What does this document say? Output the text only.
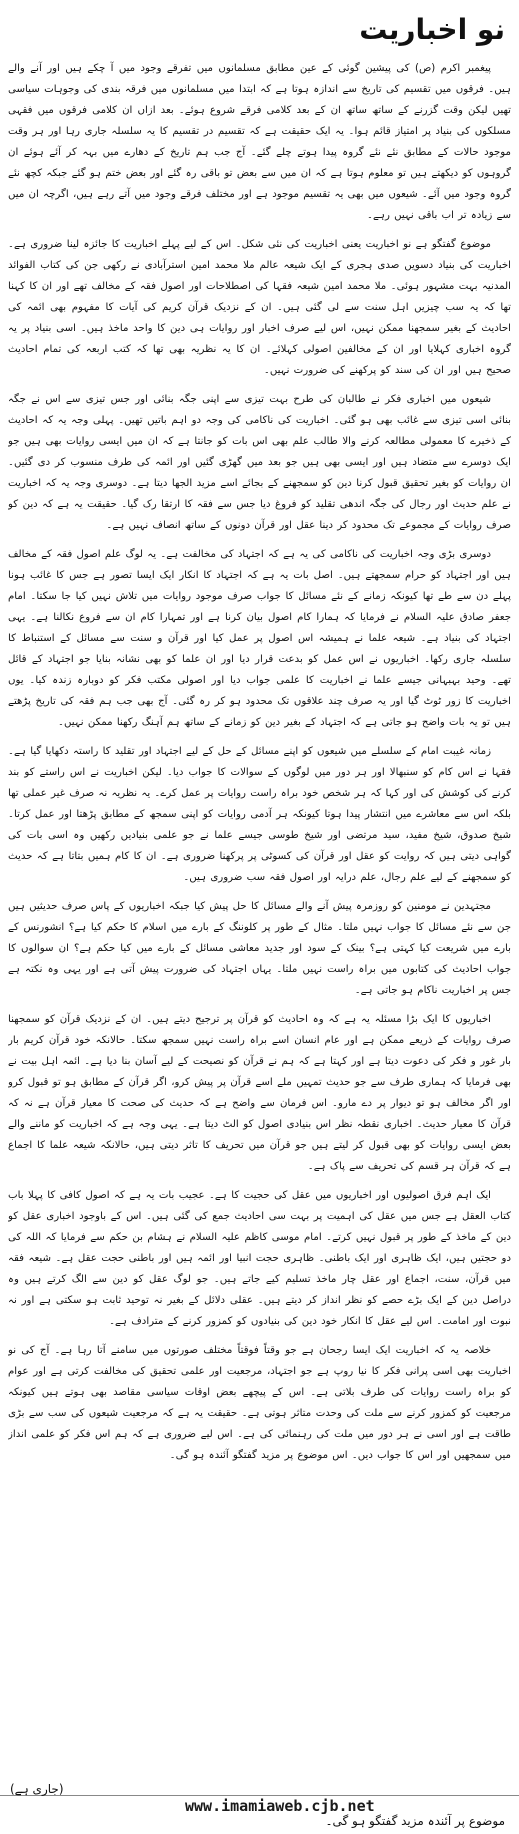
نو اخباریت

پیغمبر اکرم (ص) کی پیشین گوئی کے عین مطابق مسلمانوں میں تفرقے وجود میں آ چکے ہیں اور آنے والے ہیں۔ فرقوں میں تقسیم کی تاریخ سے اندازہ ہوتا ہے کہ ابتدا میں مسلمانوں میں فرقہ بندی کی وجوہات سیاسی تھیں لیکن وقت گزرنے کے ساتھ ساتھ ان کے بعد کلامی فرقے شروع ہوئے۔ بعد ازاں ان کلامی فرقوں میں فقہی مسلکوں کی بنیاد پر امتیاز قائم ہوا۔ یہ ایک حقیقت ہے کہ تقسیم در تقسیم کا یہ سلسلہ جاری رہا اور ہر وقت موجود حالات کے مطابق نئے نئے گروہ پیدا ہوتے چلے گئے۔ آج جب ہم تاریخ کے دھارے میں بہہ کر آئے ہوئے ان گروہوں کو دیکھتے ہیں تو معلوم ہوتا ہے کہ ان میں سے بعض تو باقی رہ گئے اور بعض ختم ہو گئے جبکہ کچھ نئے گروہ وجود میں آئے۔ شیعوں میں بھی یہ تقسیم موجود ہے اور مختلف فرقے وجود میں آتے رہے ہیں، اگرچہ ان میں سے زیادہ تر اب باقی نہیں رہے۔

موضوع گفتگو ہے نو اخباریت یعنی اخباریت کی نئی شکل۔ اس کے لیے پہلے اخباریت کا جائزہ لینا ضروری ہے۔ اخباریت کی بنیاد دسویں صدی ہجری کے ایک شیعہ عالم ملا محمد امین استرآبادی نے رکھی جن کی کتاب الفوائد المدنیہ بہت مشہور ہوئی۔ ملا محمد امین شیعہ فقہا کی اصطلاحات اور اصول فقہ کے مخالف تھے اور ان کا کہنا تھا کہ یہ سب چیزیں اہل سنت سے لی گئی ہیں۔ ان کے نزدیک قرآن کریم کی آیات کا مفہوم بھی ائمہ کی احادیث کے بغیر سمجھنا ممکن نہیں، اس لیے صرف اخبار اور روایات ہی دین کا واحد ماخذ ہیں۔ اسی بنیاد پر یہ گروہ اخباری کہلایا اور ان کے مخالفین اصولی کہلائے۔ ان کا یہ نظریہ بھی تھا کہ کتب اربعہ کی تمام احادیث صحیح ہیں اور ان کی سند کو پرکھنے کی ضرورت نہیں۔

شیعوں میں اخباری فکر نے طالبان کی طرح بہت تیزی سے اپنی جگہ بنائی اور جس تیزی سے اس نے جگہ بنائی اسی تیزی سے غائب بھی ہو گئی۔ اخباریت کی ناکامی کی وجہ دو اہم باتیں تھیں۔ پہلی وجہ یہ کہ احادیث کے ذخیرے کا معمولی مطالعہ کرنے والا طالب علم بھی اس بات کو جانتا ہے کہ ان میں ایسی روایات بھی ہیں جو ایک دوسرے سے متضاد ہیں اور ایسی بھی ہیں جو بعد میں گھڑی گئیں اور ائمہ کی طرف منسوب کر دی گئیں۔ ان روایات کو بغیر تحقیق قبول کرنا دین کو سمجھنے کے بجائے اسے مزید الجھا دیتا ہے۔ دوسری وجہ یہ کہ اخباریت نے علم حدیث اور رجال کی جگہ اندھی تقلید کو فروغ دیا جس سے فقہ کا ارتقا رک گیا۔ حقیقت یہ ہے کہ دین کو صرف روایات کے مجموعے تک محدود کر دینا عقل اور قرآن دونوں کے ساتھ انصاف نہیں ہے۔

دوسری بڑی وجہ اخباریت کی ناکامی کی یہ ہے کہ اجتہاد کی مخالفت ہے۔ یہ لوگ علم اصول فقہ کے مخالف ہیں اور اجتہاد کو حرام سمجھتے ہیں۔ اصل بات یہ ہے کہ اجتہاد کا انکار ایک ایسا تصور ہے جس کا غائب ہونا پہلے دن سے طے تھا کیونکہ زمانے کے نئے مسائل کا جواب صرف موجود روایات میں تلاش نہیں کیا جا سکتا۔ امام جعفر صادق علیہ السلام نے فرمایا کہ ہمارا کام اصول بیان کرنا ہے اور تمہارا کام ان سے فروع نکالنا ہے۔ یہی اجتہاد کی بنیاد ہے۔ شیعہ علما نے ہمیشہ اس اصول پر عمل کیا اور قرآن و سنت سے مسائل کے استنباط کا سلسلہ جاری رکھا۔ اخباریوں نے اس عمل کو بدعت قرار دیا اور ان علما کو بھی نشانہ بنایا جو اجتہاد کے قائل تھے۔ وحید بہبہانی جیسے علما نے اخباریت کا علمی جواب دیا اور اصولی مکتب فکر کو دوبارہ زندہ کیا۔ یوں اخباریت کا زور ٹوٹ گیا اور یہ صرف چند علاقوں تک محدود ہو کر رہ گئی۔ آج بھی جب ہم فقہ کی تاریخ پڑھتے ہیں تو یہ بات واضح ہو جاتی ہے کہ اجتہاد کے بغیر دین کو زمانے کے ساتھ ہم آہنگ رکھنا ممکن نہیں۔

زمانہ غیبت امام کے سلسلے میں شیعوں کو اپنے مسائل کے حل کے لیے اجتہاد اور تقلید کا راستہ دکھایا گیا ہے۔ فقہا نے اس کام کو سنبھالا اور ہر دور میں لوگوں کے سوالات کا جواب دیا۔ لیکن اخباریت نے اس راستے کو بند کرنے کی کوشش کی اور کہا کہ ہر شخص خود براہ راست روایات پر عمل کرے۔ یہ نظریہ نہ صرف غیر عملی تھا بلکہ اس سے معاشرے میں انتشار پیدا ہوتا کیونکہ ہر آدمی روایات کو اپنی سمجھ کے مطابق پڑھتا اور عمل کرتا۔ شیخ صدوق، شیخ مفید، سید مرتضی اور شیخ طوسی جیسے علما نے جو علمی بنیادیں رکھیں وہ اسی بات کی گواہی دیتی ہیں کہ روایت کو عقل اور قرآن کی کسوٹی پر پرکھنا ضروری ہے۔ ان کا کام ہمیں بتاتا ہے کہ حدیث کو سمجھنے کے لیے علم رجال، علم درایہ اور اصول فقہ سب ضروری ہیں۔

مجتہدین نے مومنین کو روزمرہ پیش آنے والے مسائل کا حل پیش کیا جبکہ اخباریوں کے پاس صرف حدیثیں ہیں جن سے نئے مسائل کا جواب نہیں ملتا۔ مثال کے طور پر کلوننگ کے بارے میں اسلام کا حکم کیا ہے؟ انشورنس کے بارے میں شریعت کیا کہتی ہے؟ بینک کے سود اور جدید معاشی مسائل کے بارے میں کیا حکم ہے؟ ان سوالوں کا جواب احادیث کی کتابوں میں براہ راست نہیں ملتا۔ یہاں اجتہاد کی ضرورت پیش آتی ہے اور یہی وہ نکتہ ہے جس پر اخباریت ناکام ہو جاتی ہے۔

اخباریوں کا ایک بڑا مسئلہ یہ ہے کہ وہ احادیث کو قرآن پر ترجیح دیتے ہیں۔ ان کے نزدیک قرآن کو سمجھنا صرف روایات کے ذریعے ممکن ہے اور عام انسان اسے براہ راست نہیں سمجھ سکتا۔ حالانکہ خود قرآن کریم بار بار غور و فکر کی دعوت دیتا ہے اور کہتا ہے کہ ہم نے قرآن کو نصیحت کے لیے آسان بنا دیا ہے۔ ائمہ اہل بیت نے بھی فرمایا کہ ہماری طرف سے جو حدیث تمہیں ملے اسے قرآن پر پیش کرو، اگر قرآن کے مطابق ہو تو قبول کرو اور اگر مخالف ہو تو دیوار پر دے مارو۔ اس فرمان سے واضح ہے کہ حدیث کی صحت کا معیار قرآن ہے نہ کہ قرآن کا معیار حدیث۔ اخباری نقطہ نظر اس بنیادی اصول کو الٹ دیتا ہے۔ یہی وجہ ہے کہ اخباریت کو ماننے والے بعض ایسی روایات کو بھی قبول کر لیتے ہیں جو قرآن میں تحریف کا تاثر دیتی ہیں، حالانکہ شیعہ علما کا اجماع ہے کہ قرآن ہر قسم کی تحریف سے پاک ہے۔

ایک اہم فرق اصولیوں اور اخباریوں میں عقل کی حجیت کا ہے۔ عجیب بات یہ ہے کہ اصول کافی کا پہلا باب کتاب العقل ہے جس میں عقل کی اہمیت پر بہت سی احادیث جمع کی گئی ہیں۔ اس کے باوجود اخباری عقل کو دین کے ماخذ کے طور پر قبول نہیں کرتے۔ امام موسی کاظم علیہ السلام نے ہشام بن حکم سے فرمایا کہ اللہ کی دو حجتیں ہیں، ایک ظاہری اور ایک باطنی۔ ظاہری حجت انبیا اور ائمہ ہیں اور باطنی حجت عقل ہے۔ شیعہ فقہ میں قرآن، سنت، اجماع اور عقل چار ماخذ تسلیم کیے جاتے ہیں۔ جو لوگ عقل کو دین سے الگ کرتے ہیں وہ دراصل دین کے ایک بڑے حصے کو نظر انداز کر دیتے ہیں۔ عقلی دلائل کے بغیر نہ توحید ثابت ہو سکتی ہے اور نہ نبوت اور امامت۔ اس لیے عقل کا انکار خود دین کی بنیادوں کو کمزور کرنے کے مترادف ہے۔

خلاصہ یہ کہ اخباریت ایک ایسا رجحان ہے جو وقتاً فوقتاً مختلف صورتوں میں سامنے آتا رہا ہے۔ آج کی نو اخباریت بھی اسی پرانی فکر کا نیا روپ ہے جو اجتہاد، مرجعیت اور علمی تحقیق کی مخالفت کرتی ہے اور عوام کو براہ راست روایات کی طرف بلاتی ہے۔ اس کے پیچھے بعض اوقات سیاسی مقاصد بھی ہوتے ہیں کیونکہ مرجعیت کو کمزور کرنے سے ملت کی وحدت متاثر ہوتی ہے۔ حقیقت یہ ہے کہ مرجعیت شیعوں کی سب سے بڑی طاقت ہے اور اسی نے ہر دور میں ملت کی رہنمائی کی ہے۔ اس لیے ضروری ہے کہ ہم اس فکر کو علمی انداز میں سمجھیں اور اس کا جواب دیں۔ اس موضوع پر مزید گفتگو آئندہ ہو گی۔

(جاری ہے)
www.imamiaweb.cjb.net
موضوع پر آئندہ مزید گفتگو ہو گی۔
